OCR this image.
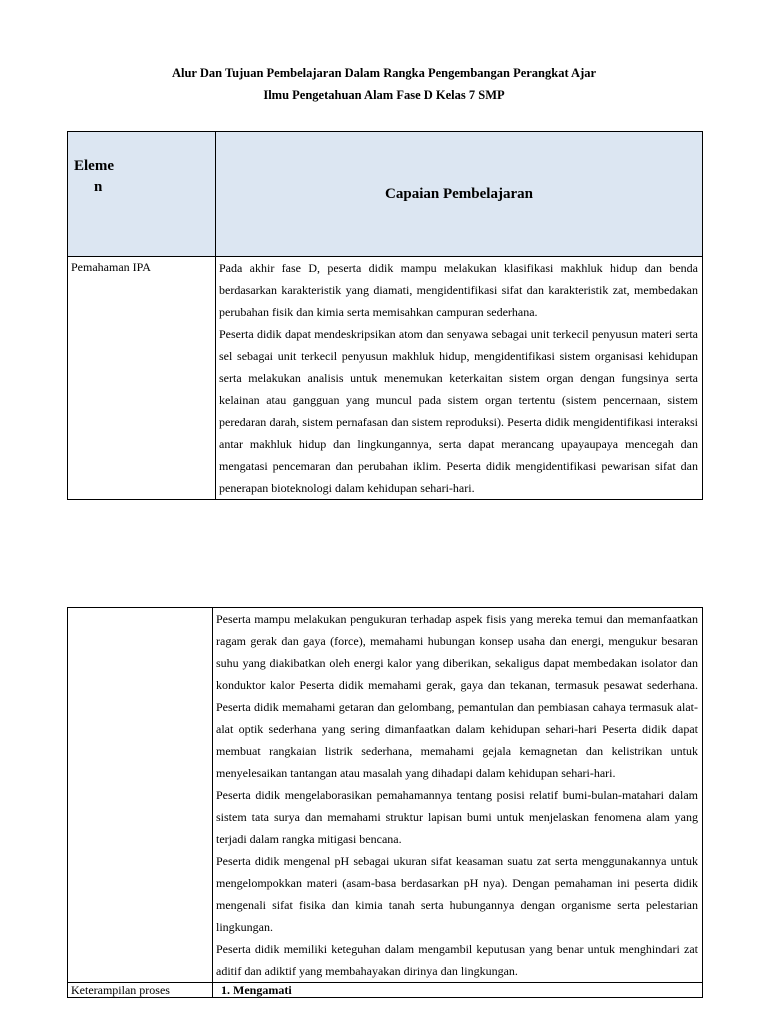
Alur Dan Tujuan Pembelajaran Dalam Rangka Pengembangan Perangkat Ajar
Ilmu Pengetahuan Alam Fase D Kelas 7 SMP
Eleme
n	Capaian Pembelajaran
Pemahaman IPA	Pada akhir fase D, peserta didik mampu melakukan klasifikasi makhluk hidup dan benda berdasarkan karakteristik yang diamati, mengidentifikasi sifat dan karakteristik zat, membedakan perubahan fisik dan kimia serta memisahkan campuran sederhana.

Peserta didik dapat mendeskripsikan atom dan senyawa sebagai unit terkecil penyusun materi serta sel sebagai unit terkecil penyusun makhluk hidup, mengidentifikasi sistem organisasi kehidupan serta melakukan analisis untuk menemukan keterkaitan sistem organ dengan fungsinya serta kelainan atau gangguan yang muncul pada sistem organ tertentu (sistem pencernaan, sistem peredaran darah, sistem pernafasan dan sistem reproduksi). Peserta didik mengidentifikasi interaksi antar makhluk hidup dan lingkungannya, serta dapat merancang upayaupaya mencegah dan mengatasi pencemaran dan perubahan iklim. Peserta didik mengidentifikasi pewarisan sifat dan penerapan bioteknologi dalam kehidupan sehari-hari.

	Peserta mampu melakukan pengukuran terhadap aspek fisis yang mereka temui dan memanfaatkan ragam gerak dan gaya (force), memahami hubungan konsep usaha dan energi, mengukur besaran suhu yang diakibatkan oleh energi kalor yang diberikan, sekaligus dapat membedakan isolator dan konduktor kalor Peserta didik memahami gerak, gaya dan tekanan, termasuk pesawat sederhana. Peserta didik memahami getaran dan gelombang, pemantulan dan pembiasan cahaya termasuk alat- alat optik sederhana yang sering dimanfaatkan dalam kehidupan sehari-hari Peserta didik dapat membuat rangkaian listrik sederhana, memahami gejala kemagnetan dan kelistrikan untuk menyelesaikan tantangan atau masalah yang dihadapi dalam kehidupan sehari-hari.

Peserta didik mengelaborasikan pemahamannya tentang posisi relatif bumi-bulan-matahari dalam sistem tata surya dan memahami struktur lapisan bumi untuk menjelaskan fenomena alam yang terjadi dalam rangka mitigasi bencana.

Peserta didik mengenal pH sebagai ukuran sifat keasaman suatu zat serta menggunakannya untuk mengelompokkan materi (asam-basa berdasarkan pH nya). Dengan pemahaman ini peserta didik mengenali sifat fisika dan kimia tanah serta hubungannya dengan organisme serta pelestarian lingkungan.

Peserta didik memiliki keteguhan dalam mengambil keputusan yang benar untuk menghindari zat aditif dan adiktif yang membahayakan dirinya dan lingkungan.

Keterampilan proses	1. Mengamati
